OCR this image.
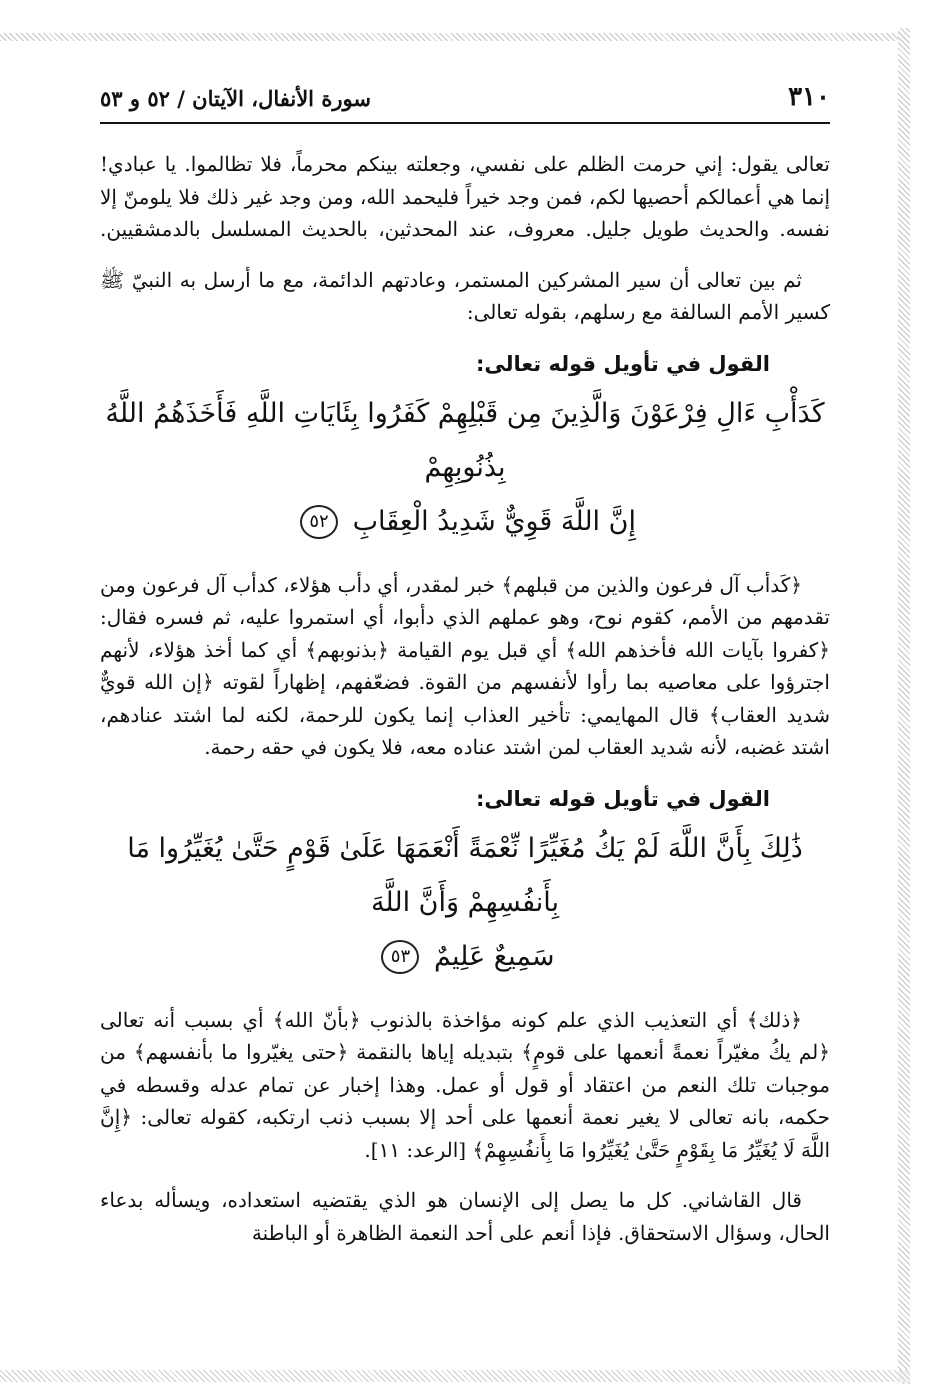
٣١٠
سورة الأنفال، الآيتان / ٥٢ و ٥٣

تعالى يقول: إني حرمت الظلم على نفسي، وجعلته بينكم محرماً، فلا تظالموا. يا عبادي! إنما هي أعمالكم أحصيها لكم، فمن وجد خيراً فليحمد الله، ومن وجد غير ذلك فلا يلومنّ إلا نفسه. والحديث طويل جليل. معروف، عند المحدثين، بالحديث المسلسل بالدمشقيين.

ثم بين تعالى أن سير المشركين المستمر، وعادتهم الدائمة، مع ما أرسل به النبيّ ﷺ كسير الأمم السالفة مع رسلهم، بقوله تعالى:

القول في تأويل قوله تعالى:
كَدَأْبِ ءَالِ فِرْعَوْنَ وَالَّذِينَ مِن قَبْلِهِمْ كَفَرُوا بِئَايَاتِ اللَّهِ فَأَخَذَهُمُ اللَّهُ بِذُنُوبِهِمْ
إِنَّ اللَّهَ قَوِيٌّ شَدِيدُ الْعِقَابِ ٥٢

﴿كَدأب آل فرعون والذين من قبلهم﴾ خبر لمقدر، أي دأب هؤلاء، كدأب آل فرعون ومن تقدمهم من الأمم، كقوم نوح، وهو عملهم الذي دأبوا، أي استمروا عليه، ثم فسره فقال: ﴿كفروا بآيات الله فأخذهم الله﴾ أي قبل يوم القيامة ﴿بذنوبهم﴾ أي كما أخذ هؤلاء، لأنهم اجترؤوا على معاصيه بما رأوا لأنفسهم من القوة. فضعّفهم، إظهاراً لقوته ﴿إن الله قويٌّ شديد العقاب﴾ قال المهايمي: تأخير العذاب إنما يكون للرحمة، لكنه لما اشتد عنادهم، اشتد غضبه، لأنه شديد العقاب لمن اشتد عناده معه، فلا يكون في حقه رحمة.

القول في تأويل قوله تعالى:
ذَٰلِكَ بِأَنَّ اللَّهَ لَمْ يَكُ مُغَيِّرًا نِّعْمَةً أَنْعَمَهَا عَلَىٰ قَوْمٍ حَتَّىٰ يُغَيِّرُوا مَا بِأَنفُسِهِمْ وَأَنَّ اللَّهَ
سَمِيعٌ عَلِيمٌ ٥٣

﴿ذلك﴾ أي التعذيب الذي علم كونه مؤاخذة بالذنوب ﴿بأنّ الله﴾ أي بسبب أنه تعالى ﴿لم يكُ مغيّراً نعمةً أنعمها على قومٍ﴾ بتبديله إياها بالنقمة ﴿حتى يغيّروا ما بأنفسهم﴾ من موجبات تلك النعم من اعتقاد أو قول أو عمل. وهذا إخبار عن تمام عدله وقسطه في حكمه، بانه تعالى لا يغير نعمة أنعمها على أحد إلا بسبب ذنب ارتكبه، كقوله تعالى: ﴿إِنَّ اللَّهَ لَا يُغَيِّرُ مَا بِقَوْمٍ حَتَّىٰ يُغَيِّرُوا مَا بِأَنفُسِهِمْ﴾ [الرعد: ١١].

قال القاشاني. كل ما يصل إلى الإنسان هو الذي يقتضيه استعداده، ويسأله بدعاء الحال، وسؤال الاستحقاق. فإذا أنعم على أحد النعمة الظاهرة أو الباطنة
